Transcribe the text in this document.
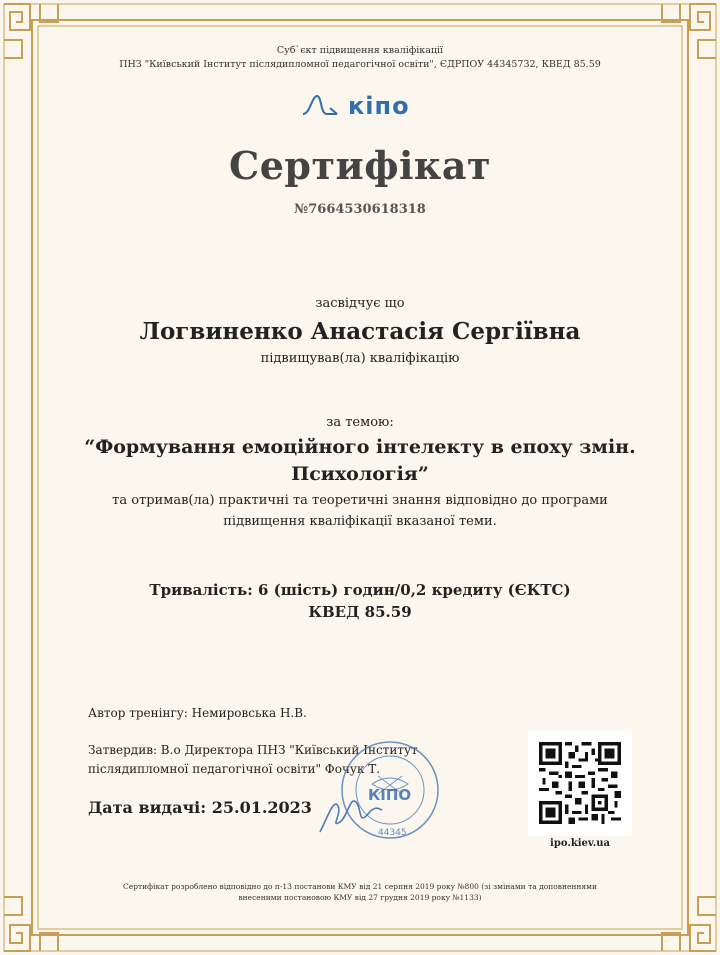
Суб`єкт підвищення кваліфікації
ПНЗ "Київський Інститут післядипломної педагогічної освіти", ЄДРПОУ 44345732, КВЕД 85.59
кіпо
Сертифікат
№7664530618318
засвідчує що
Логвиненко Анастасія Сергіївна
підвищував(ла) кваліфікацію
за темою:
“Формування емоційного інтелекту в епоху змін.
Психологія”
та отримав(ла) практичні та теоретичні знання відповідно до програми
підвищення кваліфікації вказаної теми.
Тривалість: 6 (шість) годин/0,2 кредиту (ЄКТС)
КВЕД 85.59
Автор тренінгу: Немировська Н.В.
Затвердив: В.о Директора ПНЗ "Київський Інститут
післядипломної педагогічної освіти" Фочук Т.
КІПО
44345
Дата видачі: 25.01.2023
ipo.kiev.ua
Сертифікат розроблено відповідно до п-13 постанови КМУ від 21 серпня 2019 року №800 (зі змінами та доповненнями
внесеними постановою КМУ від 27 грудня 2019 року №1133)
